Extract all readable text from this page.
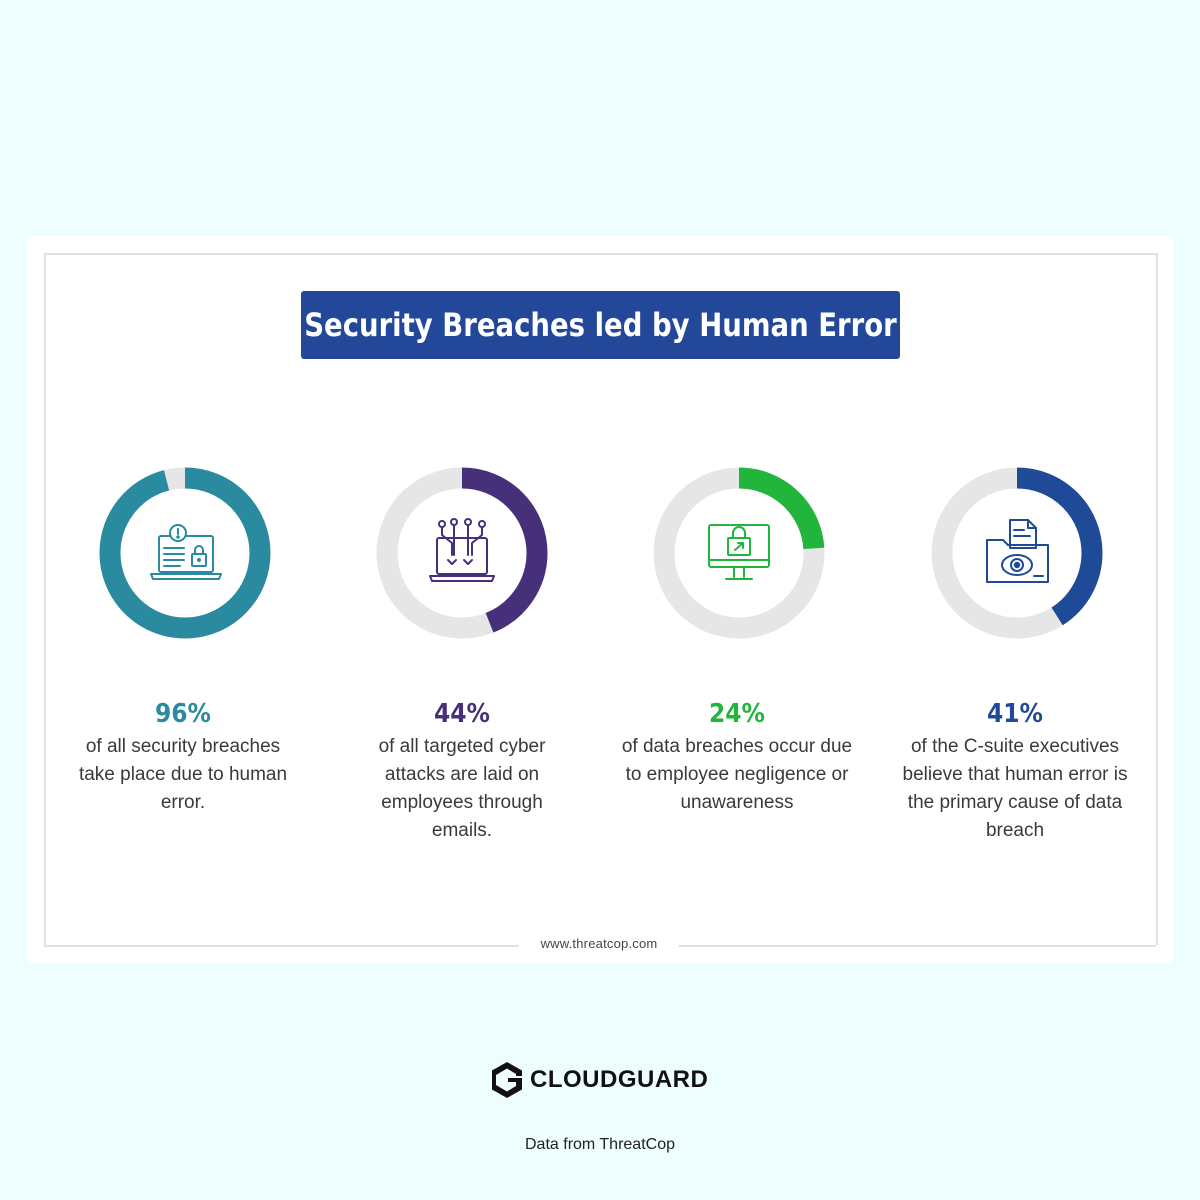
www.threatcop.com
Security Breaches led by Human Error
96%
of all security breaches take place due to human error.
44%
of all targeted cyber attacks are laid on employees through emails.
24%
of data breaches occur due to employee negligence or unawareness
41%
of the C-suite executives believe that human error is the primary cause of data breach
CLOUDGUARD
Data from ThreatCop
